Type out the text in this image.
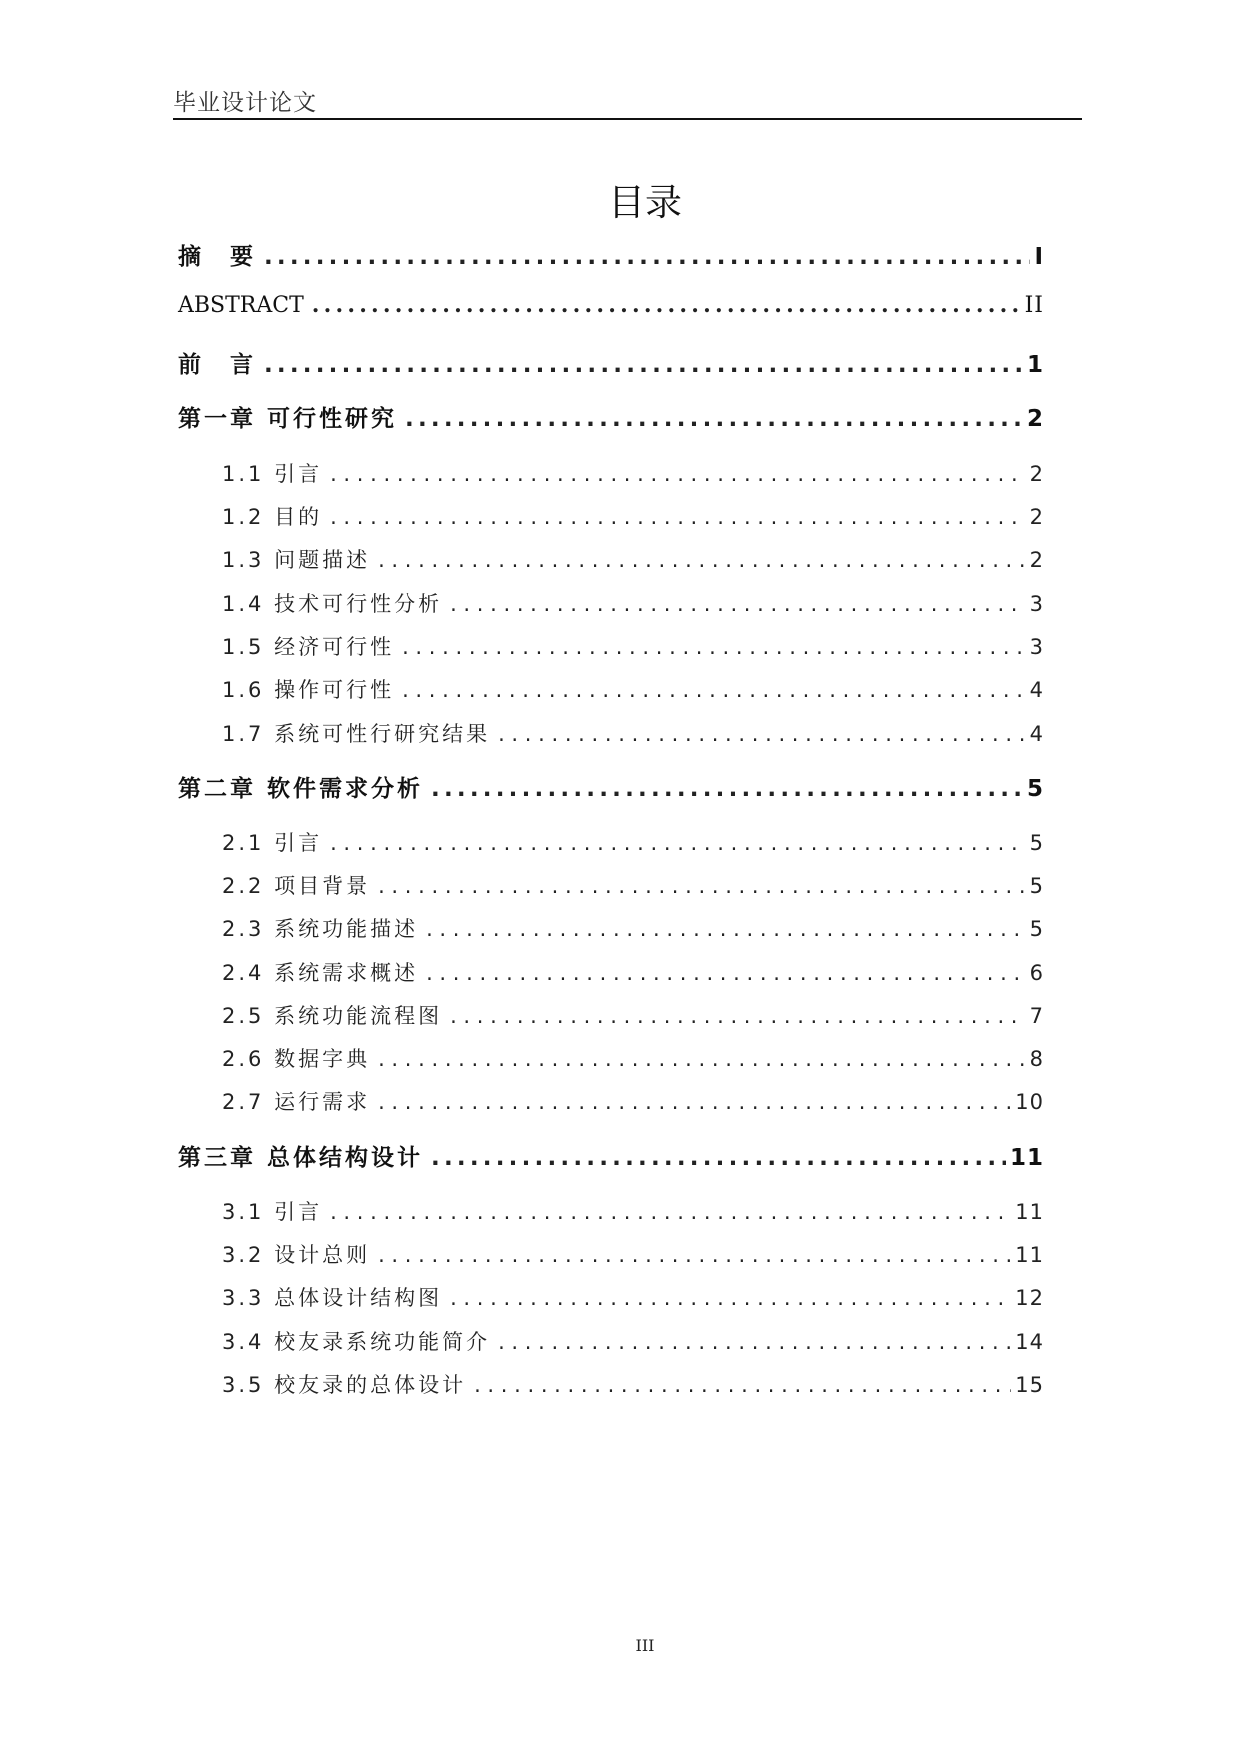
毕业设计论文
目录
摘　要 .....	I
ABSTRACT .....	II
前　言 .....	1
第一章 可行性研究 .....	2
1.1 引言 . . .	2
1.2 目的 . . .	2
1.3 问题描述 . . .	2
1.4 技术可行性分析 . . .	3
1.5 经济可行性 . . .	3
1.6 操作可行性 . . .	4
1.7 系统可性行研究结果 . . .	4
第二章 软件需求分析 .....	5
2.1 引言 . . .	5
2.2 项目背景 . . .	5
2.3 系统功能描述 . . .	5
2.4 系统需求概述 . . .	6
2.5 系统功能流程图 . . .	7
2.6 数据字典 . . .	8
2.7 运行需求 . . .	10
第三章 总体结构设计 .....	11
3.1 引言 . . .	11
3.2 设计总则 . . .	11
3.3 总体设计结构图 . . .	12
3.4 校友录系统功能简介 . . .	14
3.5 校友录的总体设计 . . .	15
III
